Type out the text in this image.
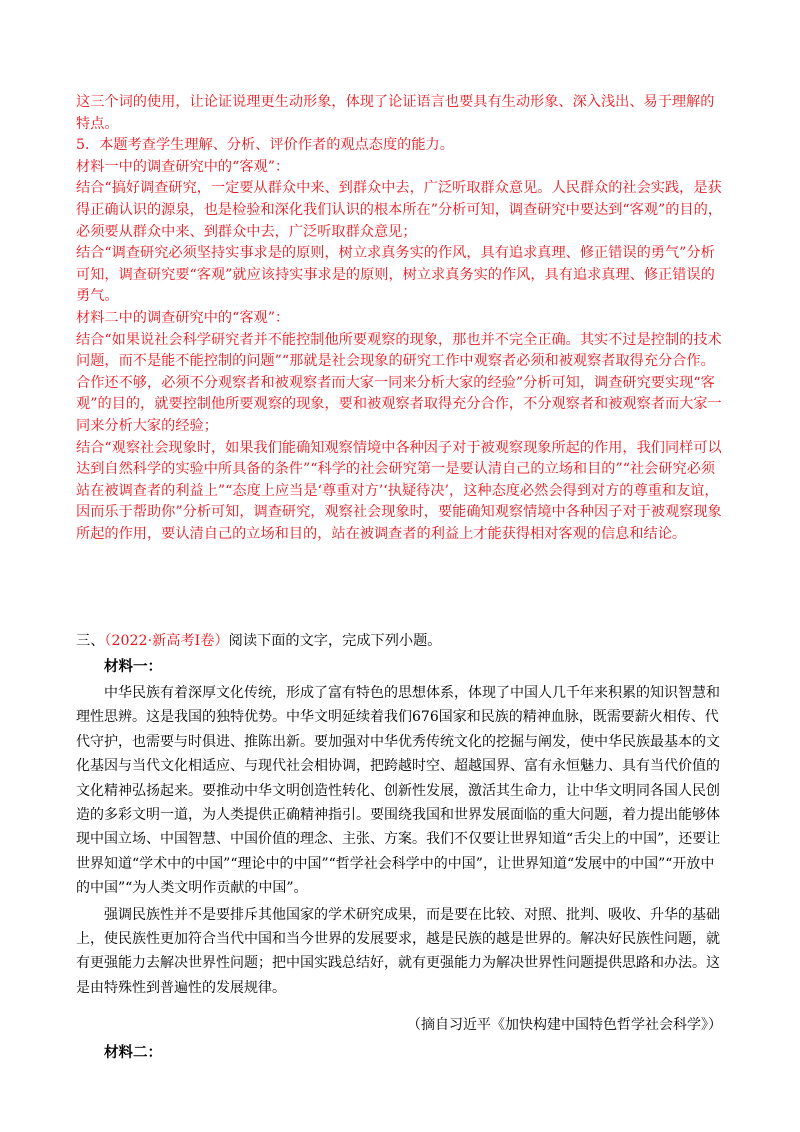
这三个词的使用，让论证说理更生动形象，体现了论证语言也要具有生动形象、深入浅出、易于理解的特点。

5．本题考查学生理解、分析、评价作者的观点态度的能力。

材料一中的调查研究中的“客观”：

结合“搞好调查研究，一定要从群众中来、到群众中去，广泛听取群众意见。人民群众的社会实践，是获得正确认识的源泉，也是检验和深化我们认识的根本所在”分析可知，调查研究中要达到“客观”的目的，必须要从群众中来、到群众中去，广泛听取群众意见；

结合“调查研究必须坚持实事求是的原则，树立求真务实的作风，具有追求真理、修正错误的勇气”分析可知，调查研究要“客观”就应该持实事求是的原则，树立求真务实的作风，具有追求真理、修正错误的勇气。

材料二中的调查研究中的“客观”：

结合“如果说社会科学研究者并不能控制他所要观察的现象，那也并不完全正确。其实不过是控制的技术问题，而不是能不能控制的问题”“那就是社会现象的研究工作中观察者必须和被观察者取得充分合作。合作还不够，必须不分观察者和被观察者而大家一同来分析大家的经验”分析可知，调查研究要实现“客观”的目的，就要控制他所要观察的现象，要和被观察者取得充分合作，不分观察者和被观察者而大家一同来分析大家的经验；

结合“观察社会现象时，如果我们能确知观察情境中各种因子对于被观察现象所起的作用，我们同样可以达到自然科学的实验中所具备的条件”“科学的社会研究第一是要认清自己的立场和目的”“社会研究必须站在被调查者的利益上”“态度上应当是‘尊重对方’‘执疑待决’，这种态度必然会得到对方的尊重和友谊，因而乐于帮助你”分析可知，调查研究，观察社会现象时，要能确知观察情境中各种因子对于被观察现象所起的作用，要认清自己的立场和目的，站在被调查者的利益上才能获得相对客观的信息和结论。

三、（2022·新高考Ⅰ卷）阅读下面的文字，完成下列小题。
材料一：

中华民族有着深厚文化传统，形成了富有特色的思想体系，体现了中国人几千年来积累的知识智慧和理性思辨。这是我国的独特优势。中华文明延续着我们676国家和民族的精神血脉，既需要薪火相传、代代守护，也需要与时俱进、推陈出新。要加强对中华优秀传统文化的挖掘与阐发，使中华民族最基本的文化基因与当代文化相适应、与现代社会相协调，把跨越时空、超越国界、富有永恒魅力、具有当代价值的文化精神弘扬起来。要推动中华文明创造性转化、创新性发展，激活其生命力，让中华文明同各国人民创造的多彩文明一道，为人类提供正确精神指引。要围绕我国和世界发展面临的重大问题，着力提出能够体现中国立场、中国智慧、中国价值的理念、主张、方案。我们不仅要让世界知道“舌尖上的中国”，还要让世界知道“学术中的中国”“理论中的中国”“哲学社会科学中的中国”，让世界知道“发展中的中国”“开放中的中国”“为人类文明作贡献的中国”。

强调民族性并不是要排斥其他国家的学术研究成果，而是要在比较、对照、批判、吸收、升华的基础上，使民族性更加符合当代中国和当今世界的发展要求，越是民族的越是世界的。解决好民族性问题，就有更强能力去解决世界性问题；把中国实践总结好，就有更强能力为解决世界性问题提供思路和办法。这是由特殊性到普遍性的发展规律。

（摘自习近平《加快构建中国特色哲学社会科学》）
材料二：
